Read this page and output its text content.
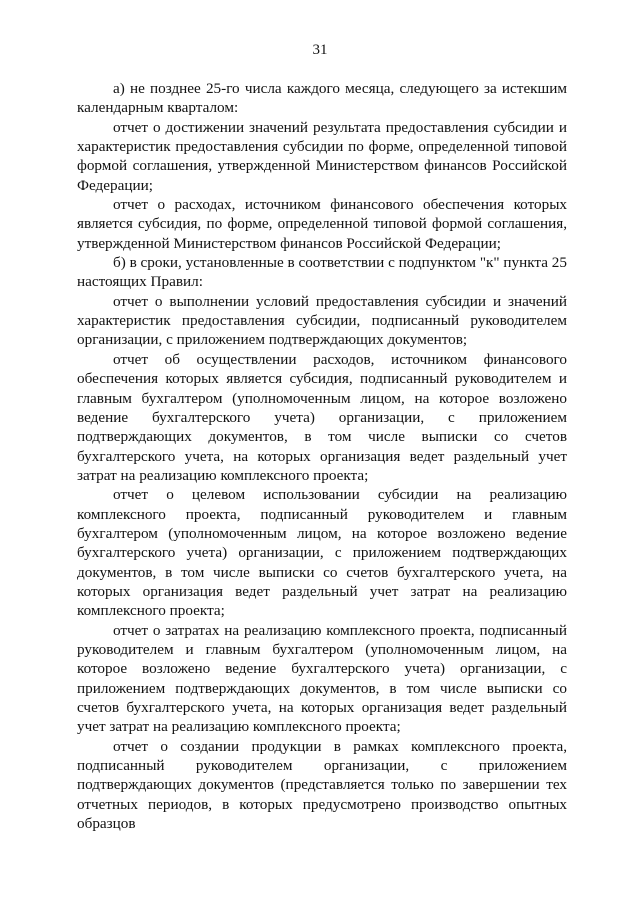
31

а) не позднее 25-го числа каждого месяца, следующего за истекшим календарным кварталом:

отчет о достижении значений результата предоставления субсидии и характеристик предоставления субсидии по форме, определенной типовой формой соглашения, утвержденной Министерством финансов Российской Федерации;

отчет о расходах, источником финансового обеспечения которых является субсидия, по форме, определенной типовой формой соглашения, утвержденной Министерством финансов Российской Федерации;

б) в сроки, установленные в соответствии с подпунктом "к" пункта 25 настоящих Правил:

отчет о выполнении условий предоставления субсидии и значений характеристик предоставления субсидии, подписанный руководителем организации, с приложением подтверждающих документов;

отчет об осуществлении расходов, источником финансового обеспечения которых является субсидия, подписанный руководителем и главным бухгалтером (уполномоченным лицом, на которое возложено ведение бухгалтерского учета) организации, с приложением подтверждающих документов, в том числе выписки со счетов бухгалтерского учета, на которых организация ведет раздельный учет затрат на реализацию комплексного проекта;

отчет о целевом использовании субсидии на реализацию комплексного проекта, подписанный руководителем и главным бухгалтером (уполномоченным лицом, на которое возложено ведение бухгалтерского учета) организации, с приложением подтверждающих документов, в том числе выписки со счетов бухгалтерского учета, на которых организация ведет раздельный учет затрат на реализацию комплексного проекта;

отчет о затратах на реализацию комплексного проекта, подписанный руководителем и главным бухгалтером (уполномоченным лицом, на которое возложено ведение бухгалтерского учета) организации, с приложением подтверждающих документов, в том числе выписки со счетов бухгалтерского учета, на которых организация ведет раздельный учет затрат на реализацию комплексного проекта;

отчет о создании продукции в рамках комплексного проекта, подписанный руководителем организации, с приложением подтверждающих документов (представляется только по завершении тех отчетных периодов, в которых предусмотрено производство опытных образцов
